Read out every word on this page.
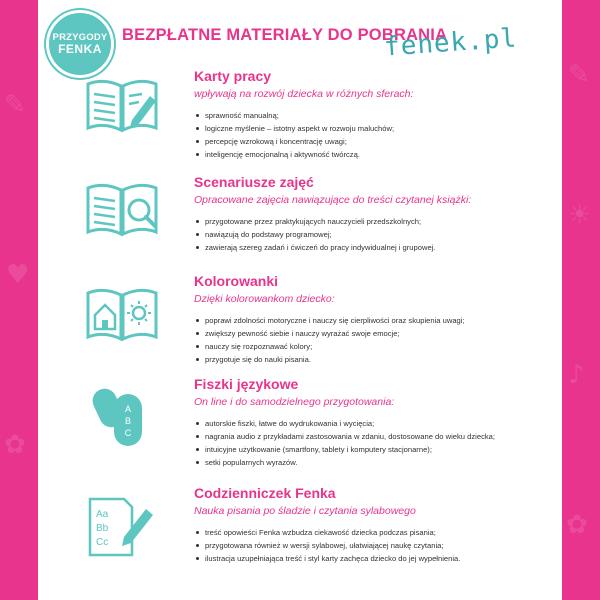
✎
♥
✿
✎
☀
♪
✿
PRZYGODY
FENKA
BEZPŁATNE MATERIAŁY DO POBRANIA
fenek.pl
Karty pracy
wpływają na rozwój dziecka w różnych sferach:
sprawność manualną;
logiczne myślenie – istotny aspekt w rozwoju maluchów;
percepcję wzrokową i koncentrację uwagi;
inteligencję emocjonalną i aktywność twórczą.
Scenariusze zajęć
Opracowane zajęcia nawiązujące do treści czytanej książki:
przygotowane przez praktykujących nauczycieli przedszkolnych;
nawiązują do podstawy programowej;
zawierają szereg zadań i ćwiczeń do pracy indywidualnej i grupowej.
Kolorowanki
Dzięki kolorowankom dziecko:
poprawi zdolności motoryczne i nauczy się cierpliwości oraz skupienia uwagi;
zwiększy pewność siebie i nauczy wyrażać swoje emocje;
nauczy się rozpoznawać kolory;
przygotuje się do nauki pisania.
A
B
C
Fiszki językowe
On line i do samodzielnego przygotowania:
autorskie fiszki, łatwe do wydrukowania i wycięcia;
nagrania audio z przykładami zastosowania w zdaniu, dostosowane do wieku dziecka;
intuicyjne użytkowanie (smartfony, tablety i komputery stacjonarne);
setki popularnych wyrazów.
Aa
Bb
Cc
Codzienniczek Fenka
Nauka pisania po śladzie i czytania sylabowego
treść opowieści Fenka wzbudza ciekawość dziecka podczas pisania;
przygotowana również w wersji sylabowej, ułatwiającej naukę czytania;
ilustracja uzupełniająca treść i styl karty zachęca dziecko do jej wypełnienia.
